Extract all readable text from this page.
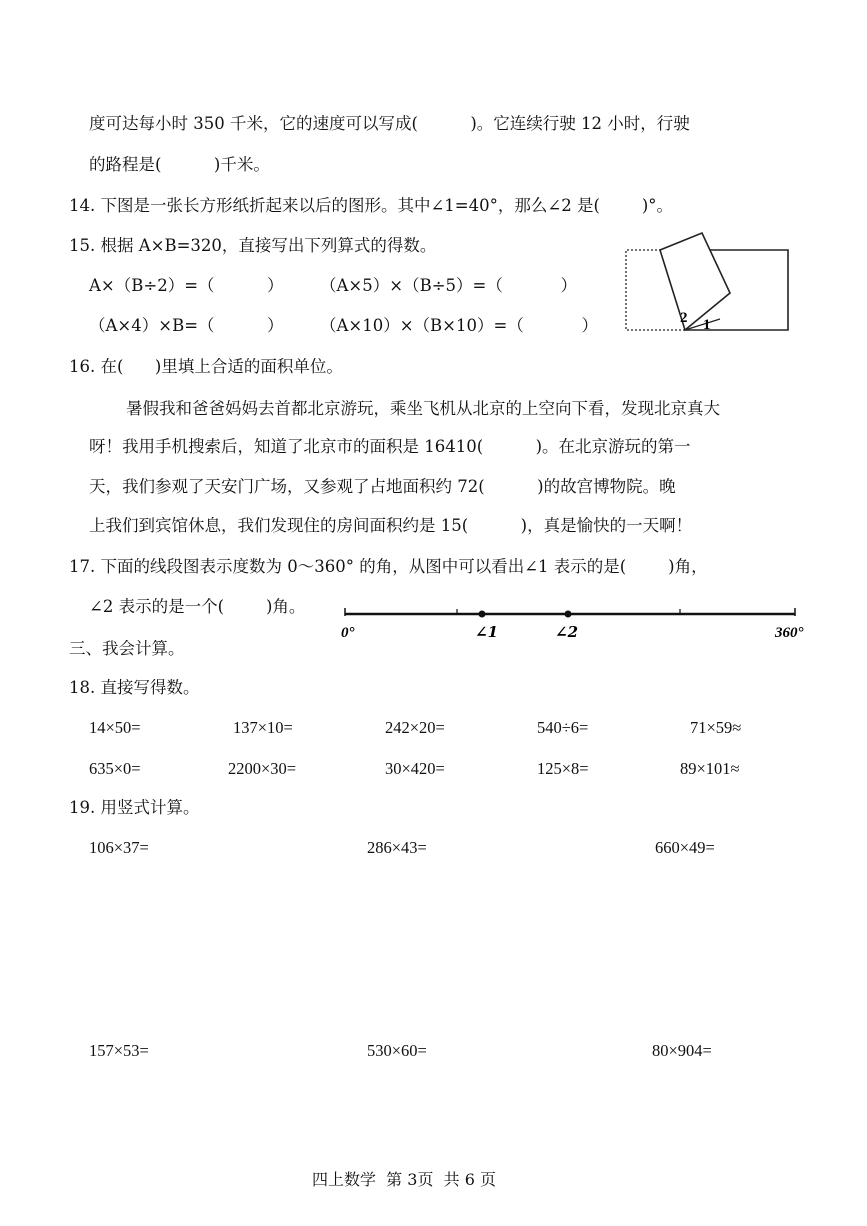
度可达每小时 350 千米，它的速度可以写成(          )。它连续行驶 12 小时，行驶
的路程是(          )千米。
14. 下图是一张长方形纸折起来以后的图形。其中∠1=40°，那么∠2 是(        )°。
15. 根据 A×B=320，直接写出下列算式的得数。
A×（B÷2）=（          ） （A×5）×（B÷5）=（           ）
（A×4）×B=（          ） （A×10）×（B×10）=（           ）	2 1
16. 在(      )里填上合适的面积单位。
暑假我和爸爸妈妈去首都北京游玩，乘坐飞机从北京的上空向下看，发现北京真大
呀！我用手机搜索后，知道了北京市的面积是 16410(          )。在北京游玩的第一
天，我们参观了天安门广场，又参观了占地面积约 72(          )的故宫博物院。晚
上我们到宾馆休息，我们发现住的房间面积约是 15(          )，真是愉快的一天啊！
17. 下面的线段图表示度数为 0～360° 的角，从图中可以看出∠1 表示的是(        )角，
∠2 表示的是一个(        )角。
0°	∠1	∠2	360°
三、我会计算。
18. 直接写得数。
14×50=	137×10=	242×20=	540÷6=	71×59≈
635×0=	2200×30=	30×420=	125×8=	89×101≈
19. 用竖式计算。
106×37=	286×43=	660×49=
157×53=	530×60=	80×904=
四上数学  第 3页  共 6 页
